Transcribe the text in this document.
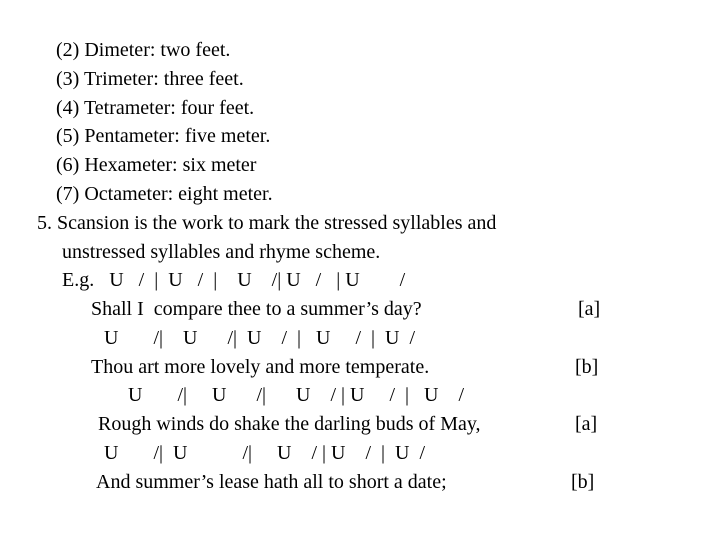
(2) Dimeter: two feet.
(3) Trimeter: three feet.
(4) Tetrameter: four feet.
(5) Pentameter: five meter.
(6) Hexameter: six meter
(7) Octameter: eight meter.
5. Scansion is the work to mark the stressed syllables and
unstressed syllables and rhyme scheme.
E.g.   U   /  |  U   /  |    U    /| U   /   | U        /
Shall I  compare thee to a summer’s day?	[a]
U       /|    U      /|  U    /  |   U     /  |  U  /
Thou art more lovely and more temperate.	[b]
U       /|     U      /|      U    / | U     /  |   U    /
Rough winds do shake the darling buds of May,	[a]
U       /|  U           /|     U    / | U    /  |  U  /
And summer’s lease hath all to short a date;	[b]
